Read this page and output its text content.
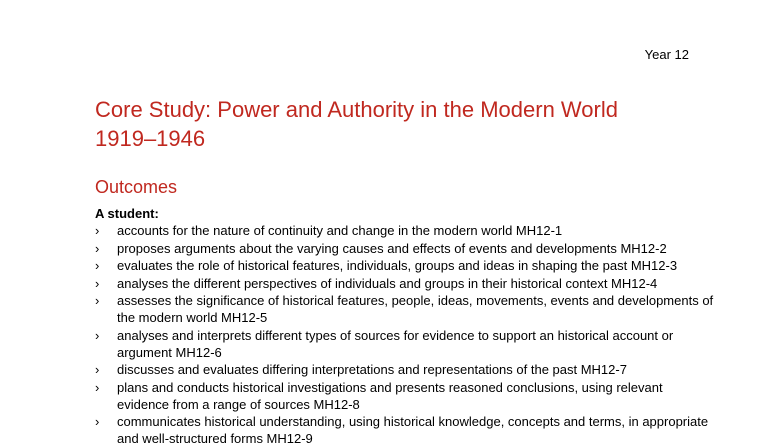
Year 12
Core Study: Power and Authority in the Modern World
1919–1946
Outcomes
A student:
›	accounts for the nature of continuity and change in the modern world MH12-1
›	proposes arguments about the varying causes and effects of events and developments MH12-2
›	evaluates the role of historical features, individuals, groups and ideas in shaping the past MH12-3
›	analyses the different perspectives of individuals and groups in their historical context MH12-4
›	assesses the significance of historical features, people, ideas, movements, events and developments of the modern world MH12-5
›	analyses and interprets different types of sources for evidence to support an historical account or argument MH12-6
›	discusses and evaluates differing interpretations and representations of the past MH12-7
›	plans and conducts historical investigations and presents reasoned conclusions, using relevant evidence from a range of sources MH12-8
›	communicates historical understanding, using historical knowledge, concepts and terms, in appropriate and well-structured forms MH12-9
